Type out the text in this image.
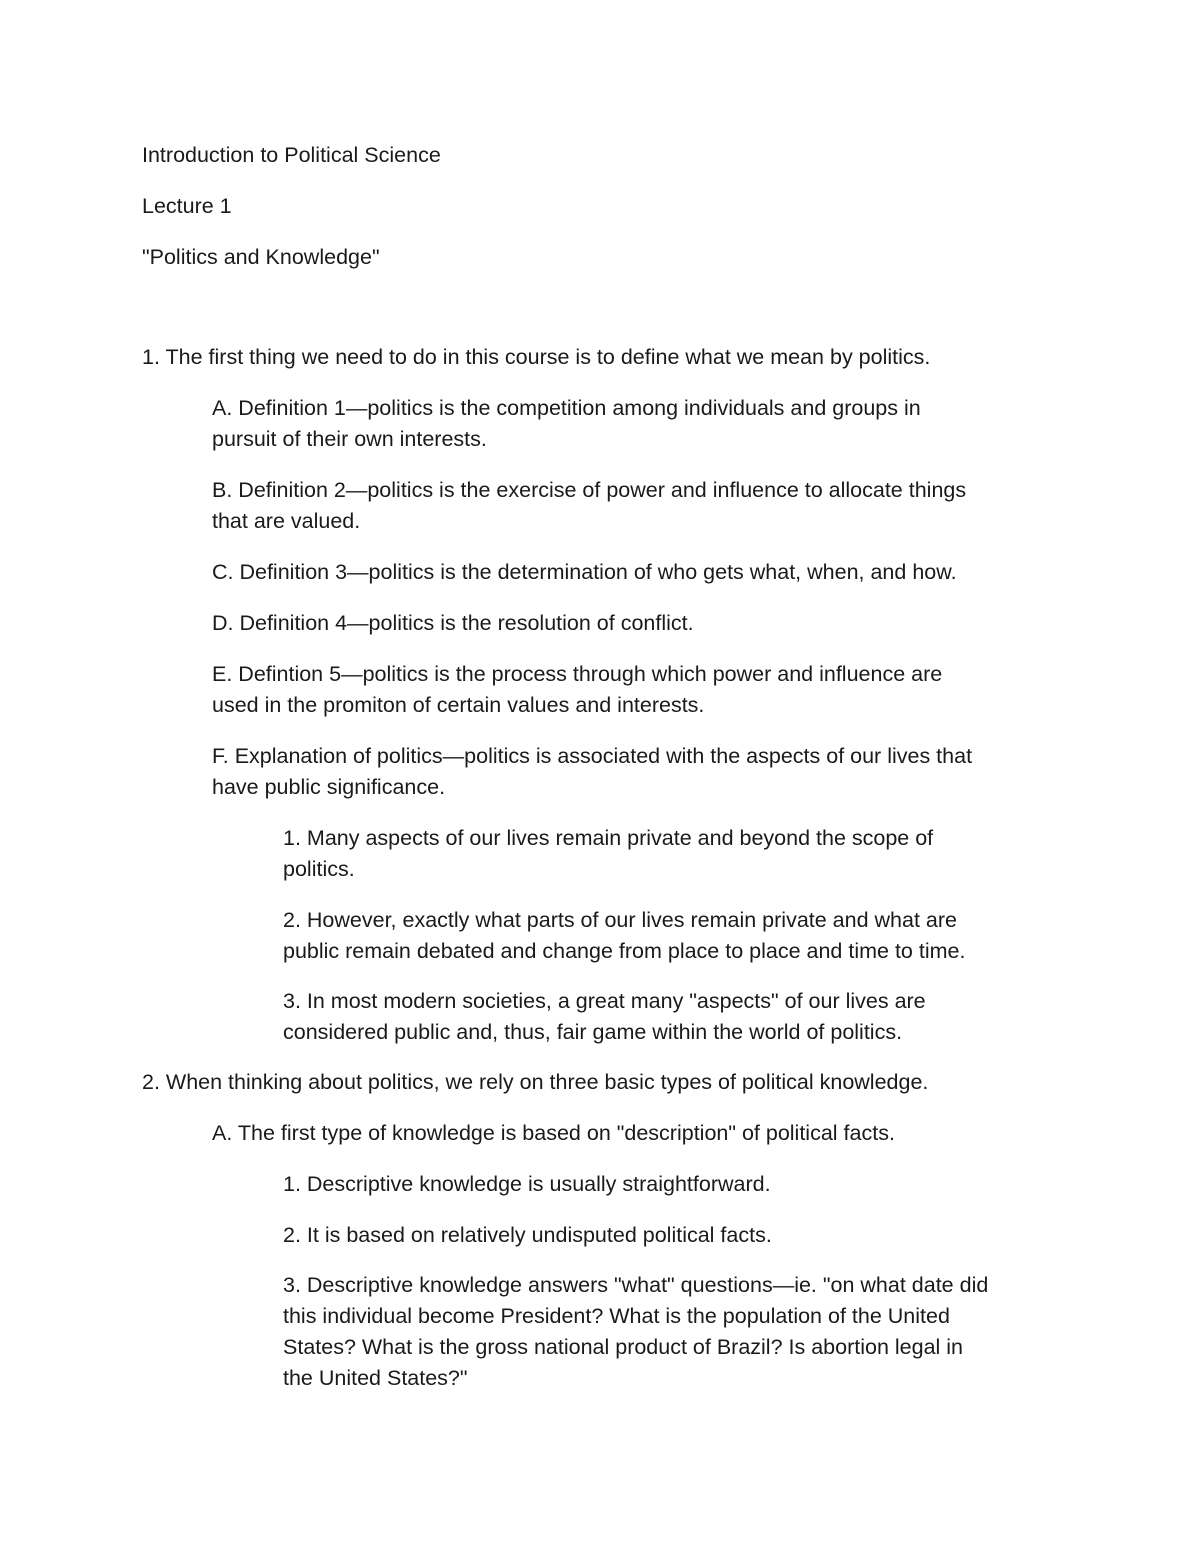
Introduction to Political Science
Lecture 1
"Politics and Knowledge"
1. The first thing we need to do in this course is to define what we mean by politics.
A. Definition 1—politics is the competition among individuals and groups in
pursuit of their own interests.
B. Definition 2—politics is the exercise of power and influence to allocate things
that are valued.
C. Definition 3—politics is the determination of who gets what, when, and how.
D. Definition 4—politics is the resolution of conflict.
E. Defintion 5—politics is the process through which power and influence are
used in the promiton of certain values and interests.
F. Explanation of politics—politics is associated with the aspects of our lives that
have public significance.
1. Many aspects of our lives remain private and beyond the scope of
politics.
2. However, exactly what parts of our lives remain private and what are
public remain debated and change from place to place and time to time.
3. In most modern societies, a great many "aspects" of our lives are
considered public and, thus, fair game within the world of politics.
2. When thinking about politics, we rely on three basic types of political knowledge.
A. The first type of knowledge is based on "description" of political facts.
1. Descriptive knowledge is usually straightforward.
2. It is based on relatively undisputed political facts.
3. Descriptive knowledge answers "what" questions—ie. "on what date did
this individual become President? What is the population of the United
States? What is the gross national product of Brazil? Is abortion legal in
the United States?"
